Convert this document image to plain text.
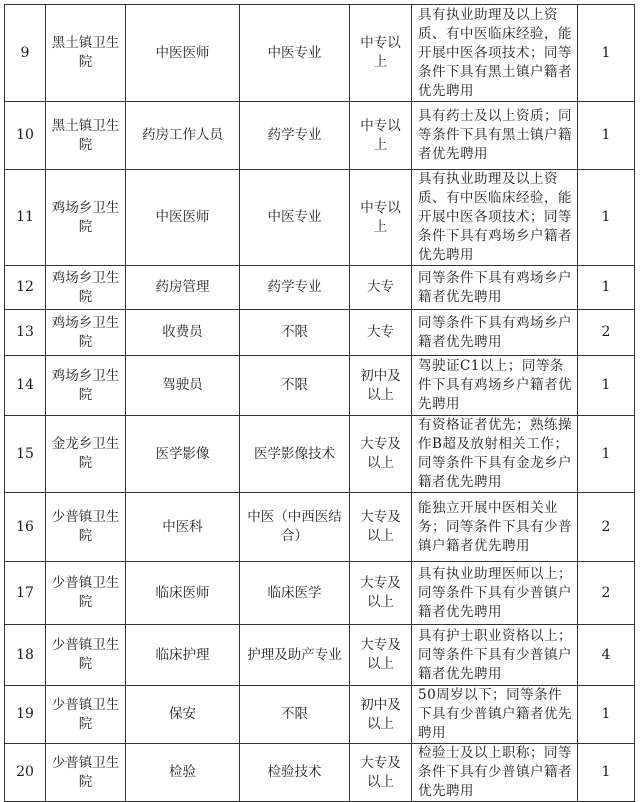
9	黑土镇卫生院	中医医师	中医专业	中专以上	具有执业助理及以上资质、有中医临床经验，能开展中医各项技术；同等条件下具有黑土镇户籍者优先聘用	1
10	黑土镇卫生院	药房工作人员	药学专业	中专以上	具有药士及以上资质；同等条件下具有黑土镇户籍者优先聘用	1
11	鸡场乡卫生院	中医医师	中医专业	中专以上	具有执业助理及以上资质、有中医临床经验，能开展中医各项技术；同等条件下具有鸡场乡户籍者优先聘用	1
12	鸡场乡卫生院	药房管理	药学专业	大专	同等条件下具有鸡场乡户籍者优先聘用	1
13	鸡场乡卫生院	收费员	不限	大专	同等条件下具有鸡场乡户籍者优先聘用	2
14	鸡场乡卫生院	驾驶员	不限	初中及以上	驾驶证C1以上；同等条件下具有鸡场乡户籍者优先聘用	1
15	金龙乡卫生院	医学影像	医学影像技术	大专及以上	有资格证者优先；熟练操作B超及放射相关工作；同等条件下具有金龙乡户籍者优先聘用	1
16	少普镇卫生院	中医科	中医（中西医结合）	大专及以上	能独立开展中医相关业务；同等条件下具有少普镇户籍者优先聘用	2
17	少普镇卫生院	临床医师	临床医学	大专及以上	具有执业助理医师以上；同等条件下具有少普镇户籍者优先聘用	2
18	少普镇卫生院	临床护理	护理及助产专业	大专及以上	具有护士职业资格以上；同等条件下具有少普镇户籍者优先聘用	4
19	少普镇卫生院	保安	不限	初中及以上	50周岁以下；同等条件下具有少普镇户籍者优先聘用	1
20	少普镇卫生院	检验	检验技术	大专及以上	检验士及以上职称；同等条件下具有少普镇户籍者优先聘用	1
